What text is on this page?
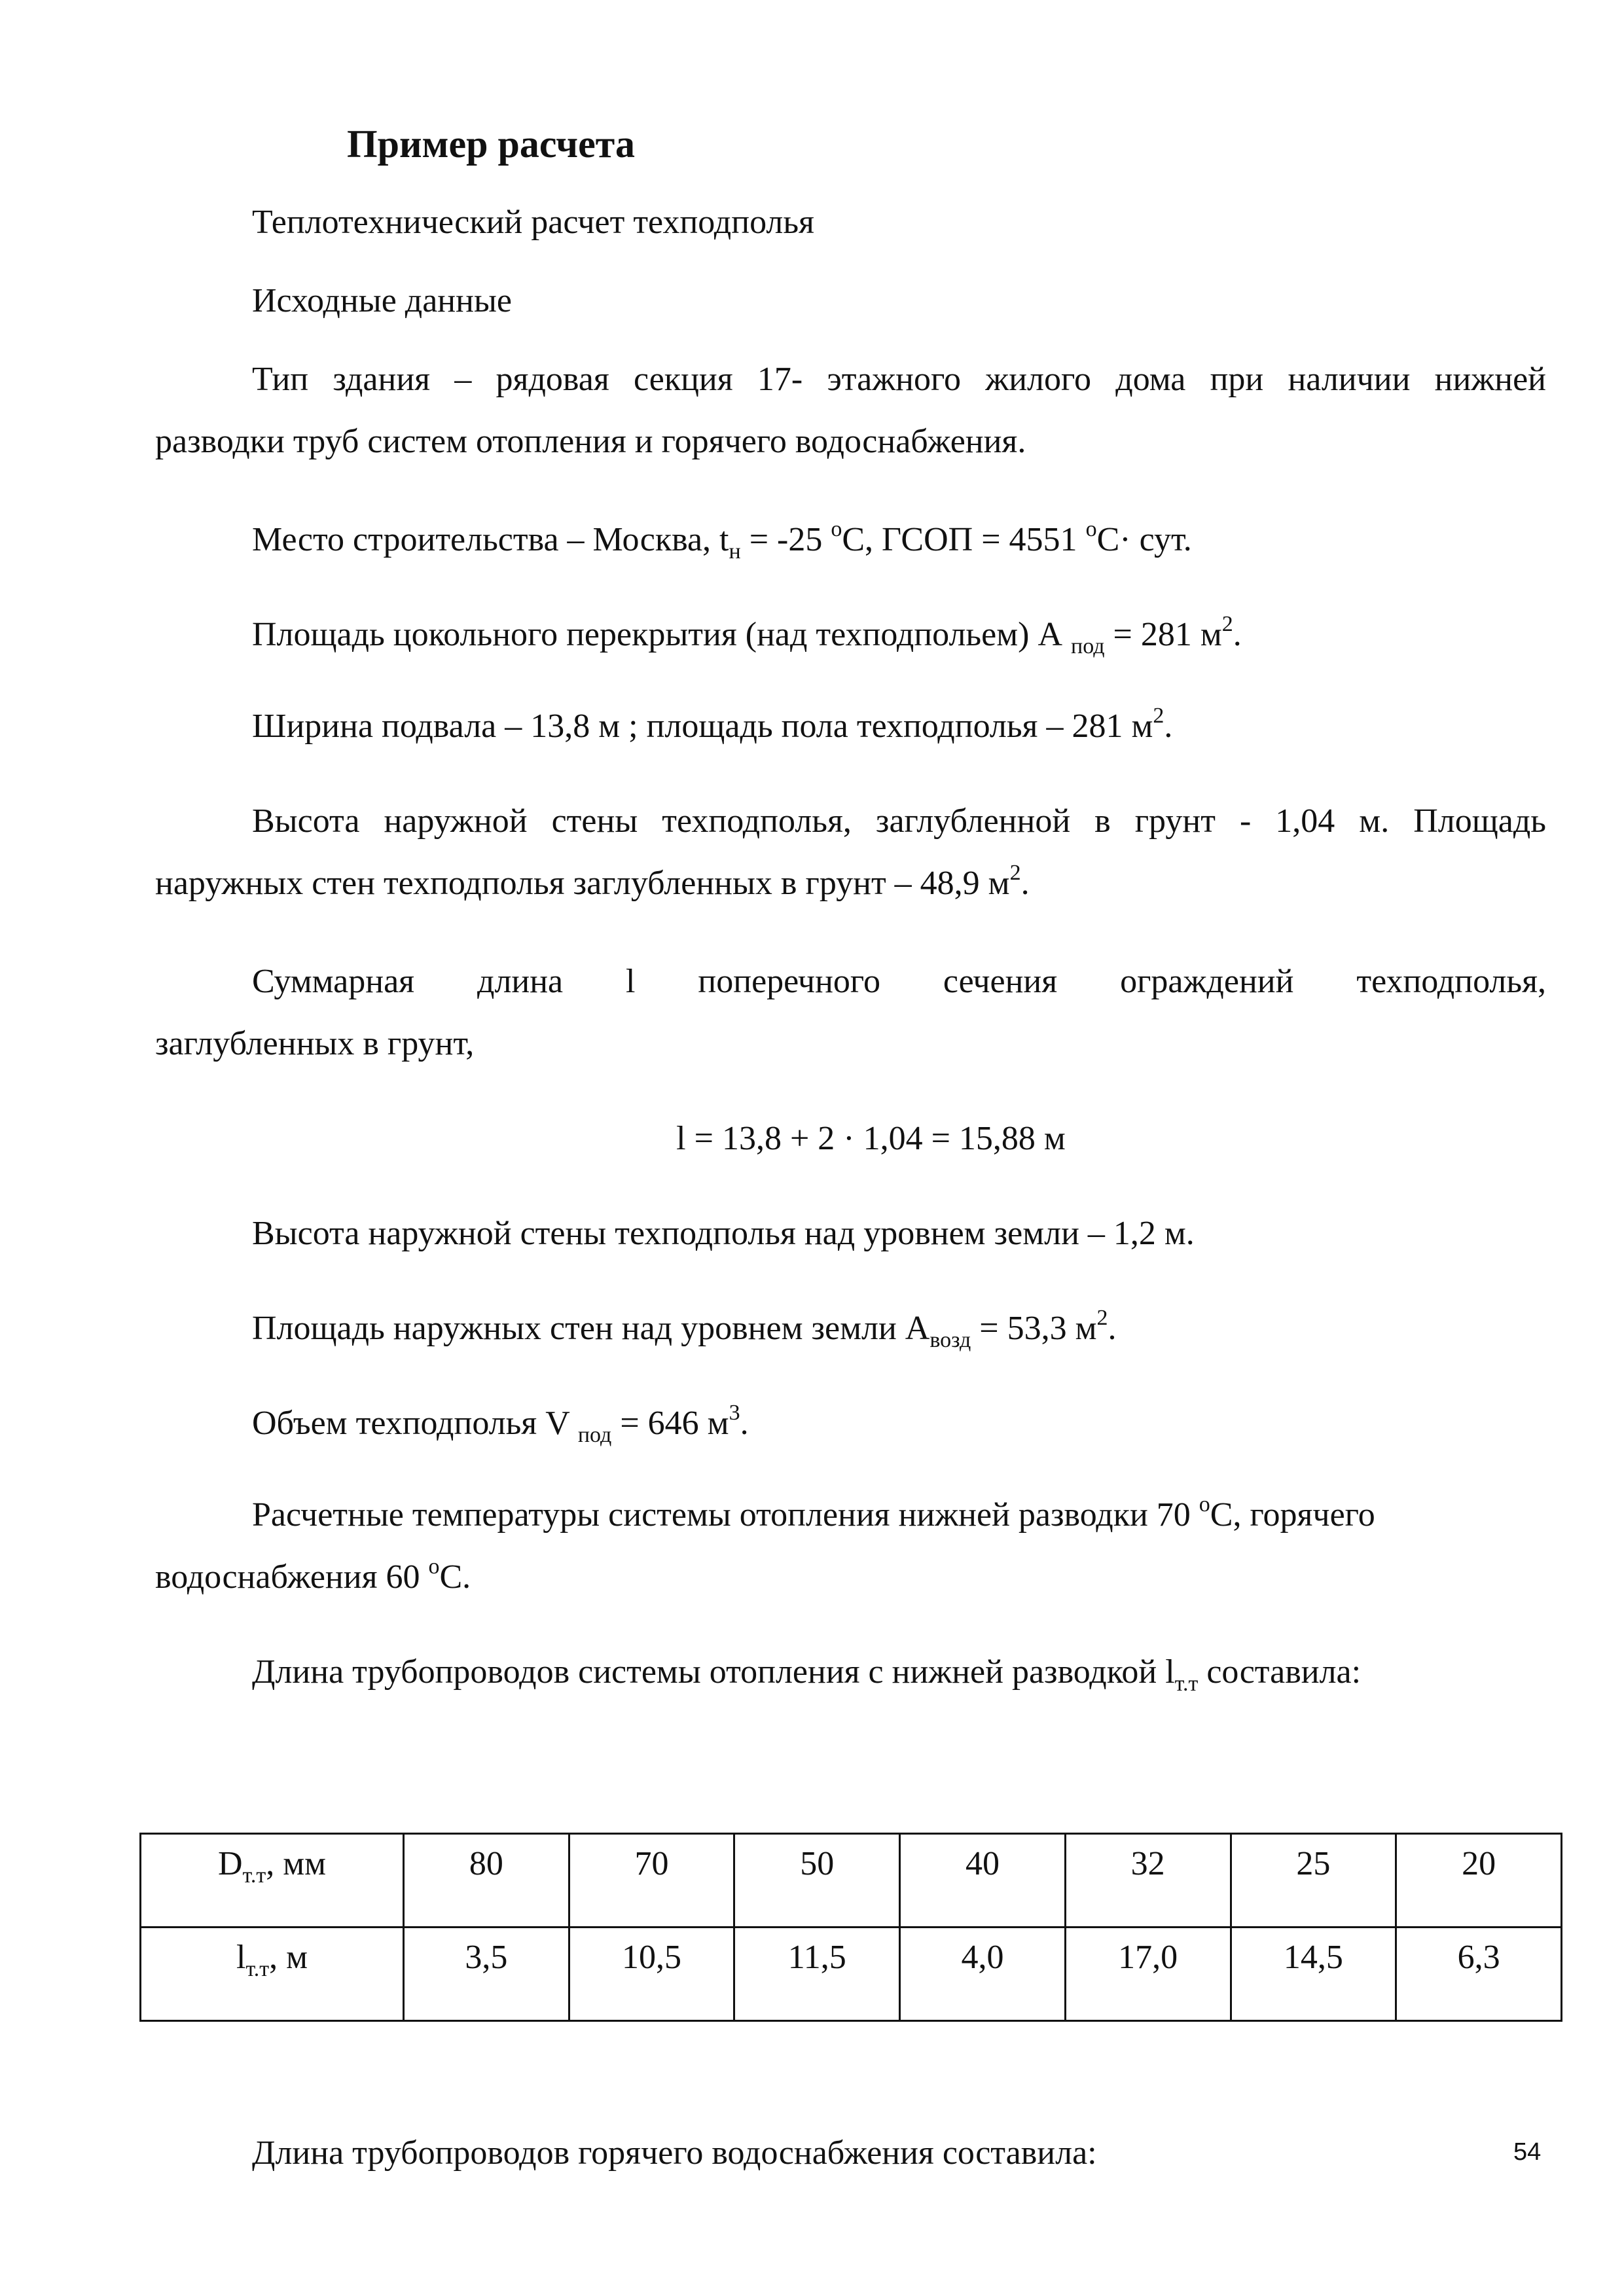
Пример расчета
Теплотехнический расчет техподполья
Исходные данные
Тип здания – рядовая секция 17- этажного жилого дома при наличии нижней
разводки труб систем отопления и горячего водоснабжения.
Место строительства – Москва, $t_н = -25$ $^о$С, ГСОП = 4551 $^о$С· сут.
Площадь цокольного перекрытия (над техподпольем) А $_{под}$ = 281 $м^2$.
Ширина подвала – 13,8 м ; площадь пола техподполья – 281 $м^2$.
Высота наружной стены техподполья, заглубленной в грунт - 1,04 м. Площадь
наружных стен техподполья заглубленных в грунт – 48,9 $м^2$.
Суммарная длина l поперечного сечения ограждений техподполья,
заглубленных в грунт,
l = 13,8 + 2 · 1,04 = 15,88 м
Высота наружной стены техподполья над уровнем земли – 1,2 м.
Площадь наружных стен над уровнем земли $А_{возд} = 53,3$ $м^2$.
Объем техподполья V $_{под}$ = 646 $м^3$.
Расчетные температуры системы отопления нижней разводки 70 $^о$С, горячего
водоснабжения 60 $^о$С.
Длина трубопроводов системы отопления с нижней разводкой $l_{т.т}$ составила:
$D_{т.т}$, мм	80	70	50	40	32	25	20
$l_{т.т}$, м	3,5	10,5	11,5	4,0	17,0	14,5	6,3
Длина трубопроводов горячего водоснабжения составила:	54
